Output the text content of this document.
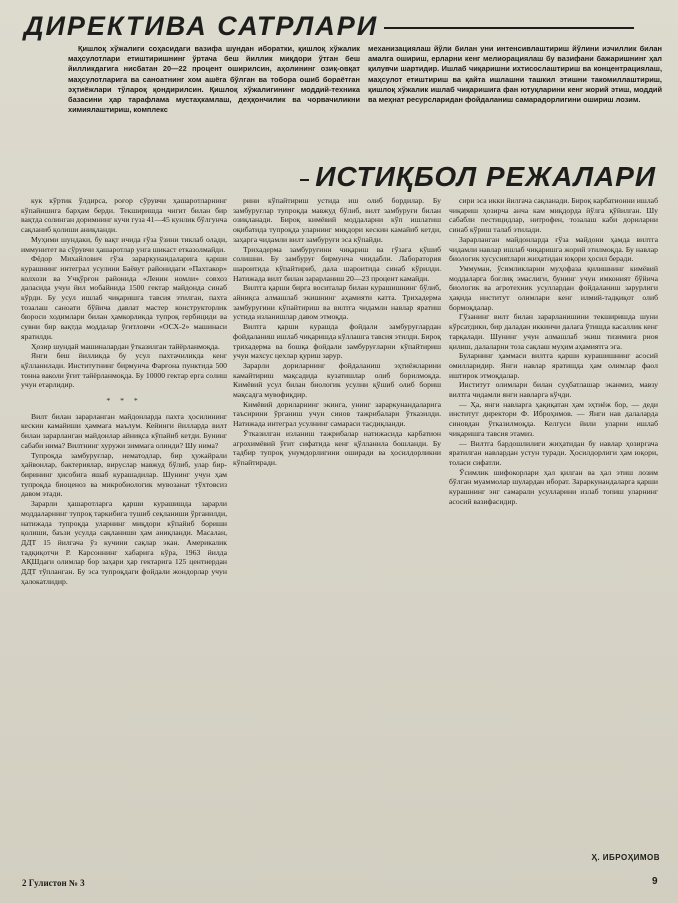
ДИРЕКТИВА САТРЛАРИ
Қишлоқ хўжалиги соҳасидаги вазифа шундан иборатки, қишлоқ хўжалик маҳсулотлари етиштиришнинг ўртача беш йиллик миқдори ўтган беш йилликдагига нисбатан 20—22 процент оширилсин, аҳолининг озиқ-овқат маҳсулотларига ва саноатнинг хом ашёга бўлган ва тобора ошиб бораётган эҳтиёжлари тўлароқ қондирилсин. Қишлоқ хўжалигининг моддий-техника базасини ҳар тарафлама мустаҳкамлаш, деҳқончилик ва чорвачиликни химиялаштириш, комплекс
механизациялаш йўли билан уни интенсивлаштириш йўлини изчиллик билан амалга ошириш, ерларни кенг мелиорациялаш бу вазифани бажаришнинг ҳал қилувчи шартидир. Ишлаб чиқаришни ихтисослаштириш ва концентрациялаш, маҳсулот етиштириш ва қайта ишлашни ташкил этишни такомиллаштириш, қишлоқ хўжалик ишлаб чиқаришига фан ютуқларини кенг жорий этиш, моддий ва меҳнат ресурсларидан фойдаланиш самарадорлигини ошириш лозим.
ИСТИҚБОЛ РЕЖАЛАРИ

кук кўртик ўлдирса, роғор сўрувчи ҳашаротларнинг кўпайишига барҳам берди. Текширишда чигит билан бир вақтда солинган доримнинг кучи гуза 41—45 кунлик бўлгунча сақланиб қолиши аниқланди.

Муҳими шундаки, бу вақт ичида ғўза ўзини тиклаб олади, иммунитет ва сўрувчи ҳашаротлар унга шикаст етказолмайди.

Фёдор Михайлович гўза зараркунандаларига қарши курашнинг интеграл усулини Баёвут районидаги «Пахтакор» колхози ва Учқўрғон районида «Ленин номли» совхоз даласида учун йил мобайнида 1500 гектар майдонда синаб кўрди. Бу усул ишлаб чиқаришга тавсия этилган, пахта тозалаш саноати бўйича давлат мастер конструкторлик бюроси ходимлари билан ҳамкорликда тупроқ гербициди ва сувни бир вақтда моддалар ўғитловчи «ОСХ-2» машинаси яратилди.

Ҳозир шундай машиналардан ўтказилган тайёрланмоқда.

Янги беш йилликда бу усул пахтачиликда кенг қўлланилади. Институтнинг бирмунча Фарғона пунктида 500 тонна ваколи ўғит тайёрланмоқда. Бу 10000 гектар ерга солиш учун етарлидир.

* * *

Вилт билан зарарланган майдонларда пахта ҳосилининг кескин камайиши ҳаммага маълум. Кейинги йилларда вилт билан зарарланган майдонлар айниқса кўпайиб кетди. Бунинг сабаби нима? Вилтнинг хуружи зиммага олинди? Шу нима?

Тупроқда замбуруғлар, нематодлар, бир ҳужайрали ҳайвонлар, бактериялар, вируслар мавжуд бўлиб, улар бир-бирининг ҳисобига яшаб курашадилар. Шунинг учун ҳам тупроқда биоценоз ва микробиологик мувозанат тўхтовсиз давом этади.

Зарарли ҳашаротларга қарши курашишда зарарли моддаларнинг тупроқ таркибига тушиб сеқланиши ўрганилди, натижада тупроқда уларнинг миқдори кўпайиб бориши қолиши, баъзи усулда сақланиши ҳам аниқланди. Масалан, ДДТ 15 йилгача ўз кучини сақлар экан. Америкалик тадқиқотчи Р. Карсоннинг хабарига кўра, 1963 йилда АҚШдаги олимлар бор заҳари ҳар гектарига 125 центнердан ДДТ тўпланган. Бу эса тупроқдаги фойдали жондорлар учун ҳалокатлидир.

рини кўпайтириш устида иш олиб бордилар. Бу замбуруғлар тупроқда мавжуд бўлиб, вилт замбуруғи билан озиқланади. Бироқ кимёвий моддаларни кўп ишлатиш оқибатида тупроқда уларнинг миқдори кескин камайиб кетди, заҳарга чидамли вилт замбуруғи эса кўпайди.

Трихадерма замбуруғини чиқариш ва гўзага кўшиб солишни. Бу замбуруғ бирмунча чиидабли. Лаборатория шароитида кўпайтириб, дала шароитида синаб кўрилди. Натижада вилт билан зарарланиш 20—23 процент камайди.

Вилтга қарши бирга воситалар билан курашишнинг бўлиб, айниқса алмашлаб экишнинг аҳамияти катта. Трихадерма замбуруғини кўпайтириш ва вилтга чидамли навлар яратиш устида изланишлар давом этмоқда.

Вилтга қарши курашда фойдали замбуруғлардан фойдаланиш ишлаб чиқаришда кўллашга тавсия этилди. Бироқ трихадерма ва бошқа фойдали замбуруғларни кўпайтириш учун махсус цехлар қуриш зарур.

Зарарли дориларнинг фойдаланиш эҳтиёжларини камайтириш мақсадида кузатишлар олиб борилмоқда. Кимёвий усул билан биологик усулни қўшиб олиб бориш мақсадга мувофиқдир.

Кимёвий дориларнинг экинга, унинг зараркунандаларига таъсирини ўрганиш учун синов тажрибалари ўтказилди. Натижада интеграл усулнинг самараси тасдиқланди.

Ўтказилган изланиш тажрибалар натижасида карбатион агрохимёвий ўғит сифатида кенг қўлланила бошланди. Бу тадбир тупроқ унумдорлигини оширади ва ҳосилдорликни кўпайтиради.

сири эса икки йилгача сақланади. Бироқ карбатионни ишлаб чиқариш ҳозирча анча кам миқдорда йўлга қўйилган. Шу сабабли пестицидлар, нитрофен, тозалаш каби дориларни синаб кўриш талаб этилади.

Зарарланган майдонларда ғўза майдони ҳамда вилтга чидамли навлар ишлаб чиқаришга жорий этилмоқда. Бу навлар биологик хусусиятлари жиҳатидан юқори ҳосил беради.

Уммуман, ўсимликларни муҳофаза қилишнинг кимёвий моддаларга боғлиқ эмаслиги, бунинг учун имконият бўйича биологик ва агротехник усуллардан фойдаланиш зарурлиги ҳақида институт олимлари кенг илмий-тадқиқот олиб бормоқдалар.

Гўзанинг вилт билан зарарланишини текширишда шуни кўрсатдики, бир даладан иккинчи далага ўтишда касаллик кенг тарқалади. Шунинг учун алмашлаб экиш тизимига риоя қилиш, далаларни тоза сақлаш муҳим аҳамиятга эга.

Буларнинг ҳаммаси вилтга қарши курашишнинг асосий омилларидир. Янги навлар яратишда ҳам олимлар фаол иштирок этмоқдалар.

Институт олимлари билан суҳбатлашар эканмиз, мавзу вилтга чидамли янги навларга кўчди.

— Ҳа, янги навларга ҳақиқатан ҳам эҳтиёж бор, — деди институт директори Ф. Иброҳимов. — Янги нав далаларда синовдан ўтказилмоқда. Келгуси йили уларни ишлаб чиқаришга тавсия этамиз.

— Вилтга бардошлилиги жиҳатидан бу навлар ҳозиргача яратилган навлардан устун туради. Ҳосилдорлиги ҳам юқори, толаси сифатли.

Ўсимлик шифокорлари ҳал қилган ва ҳал этиш лозим бўлган муаммолар шулардан иборат. Зараркунандаларга қарши курашнинг энг самарали усулларини излаб топиш уларнинг асосий вазифасидир.

Ҳ. ИБРОҲИМОВ
2 Гулистон № 3	9
